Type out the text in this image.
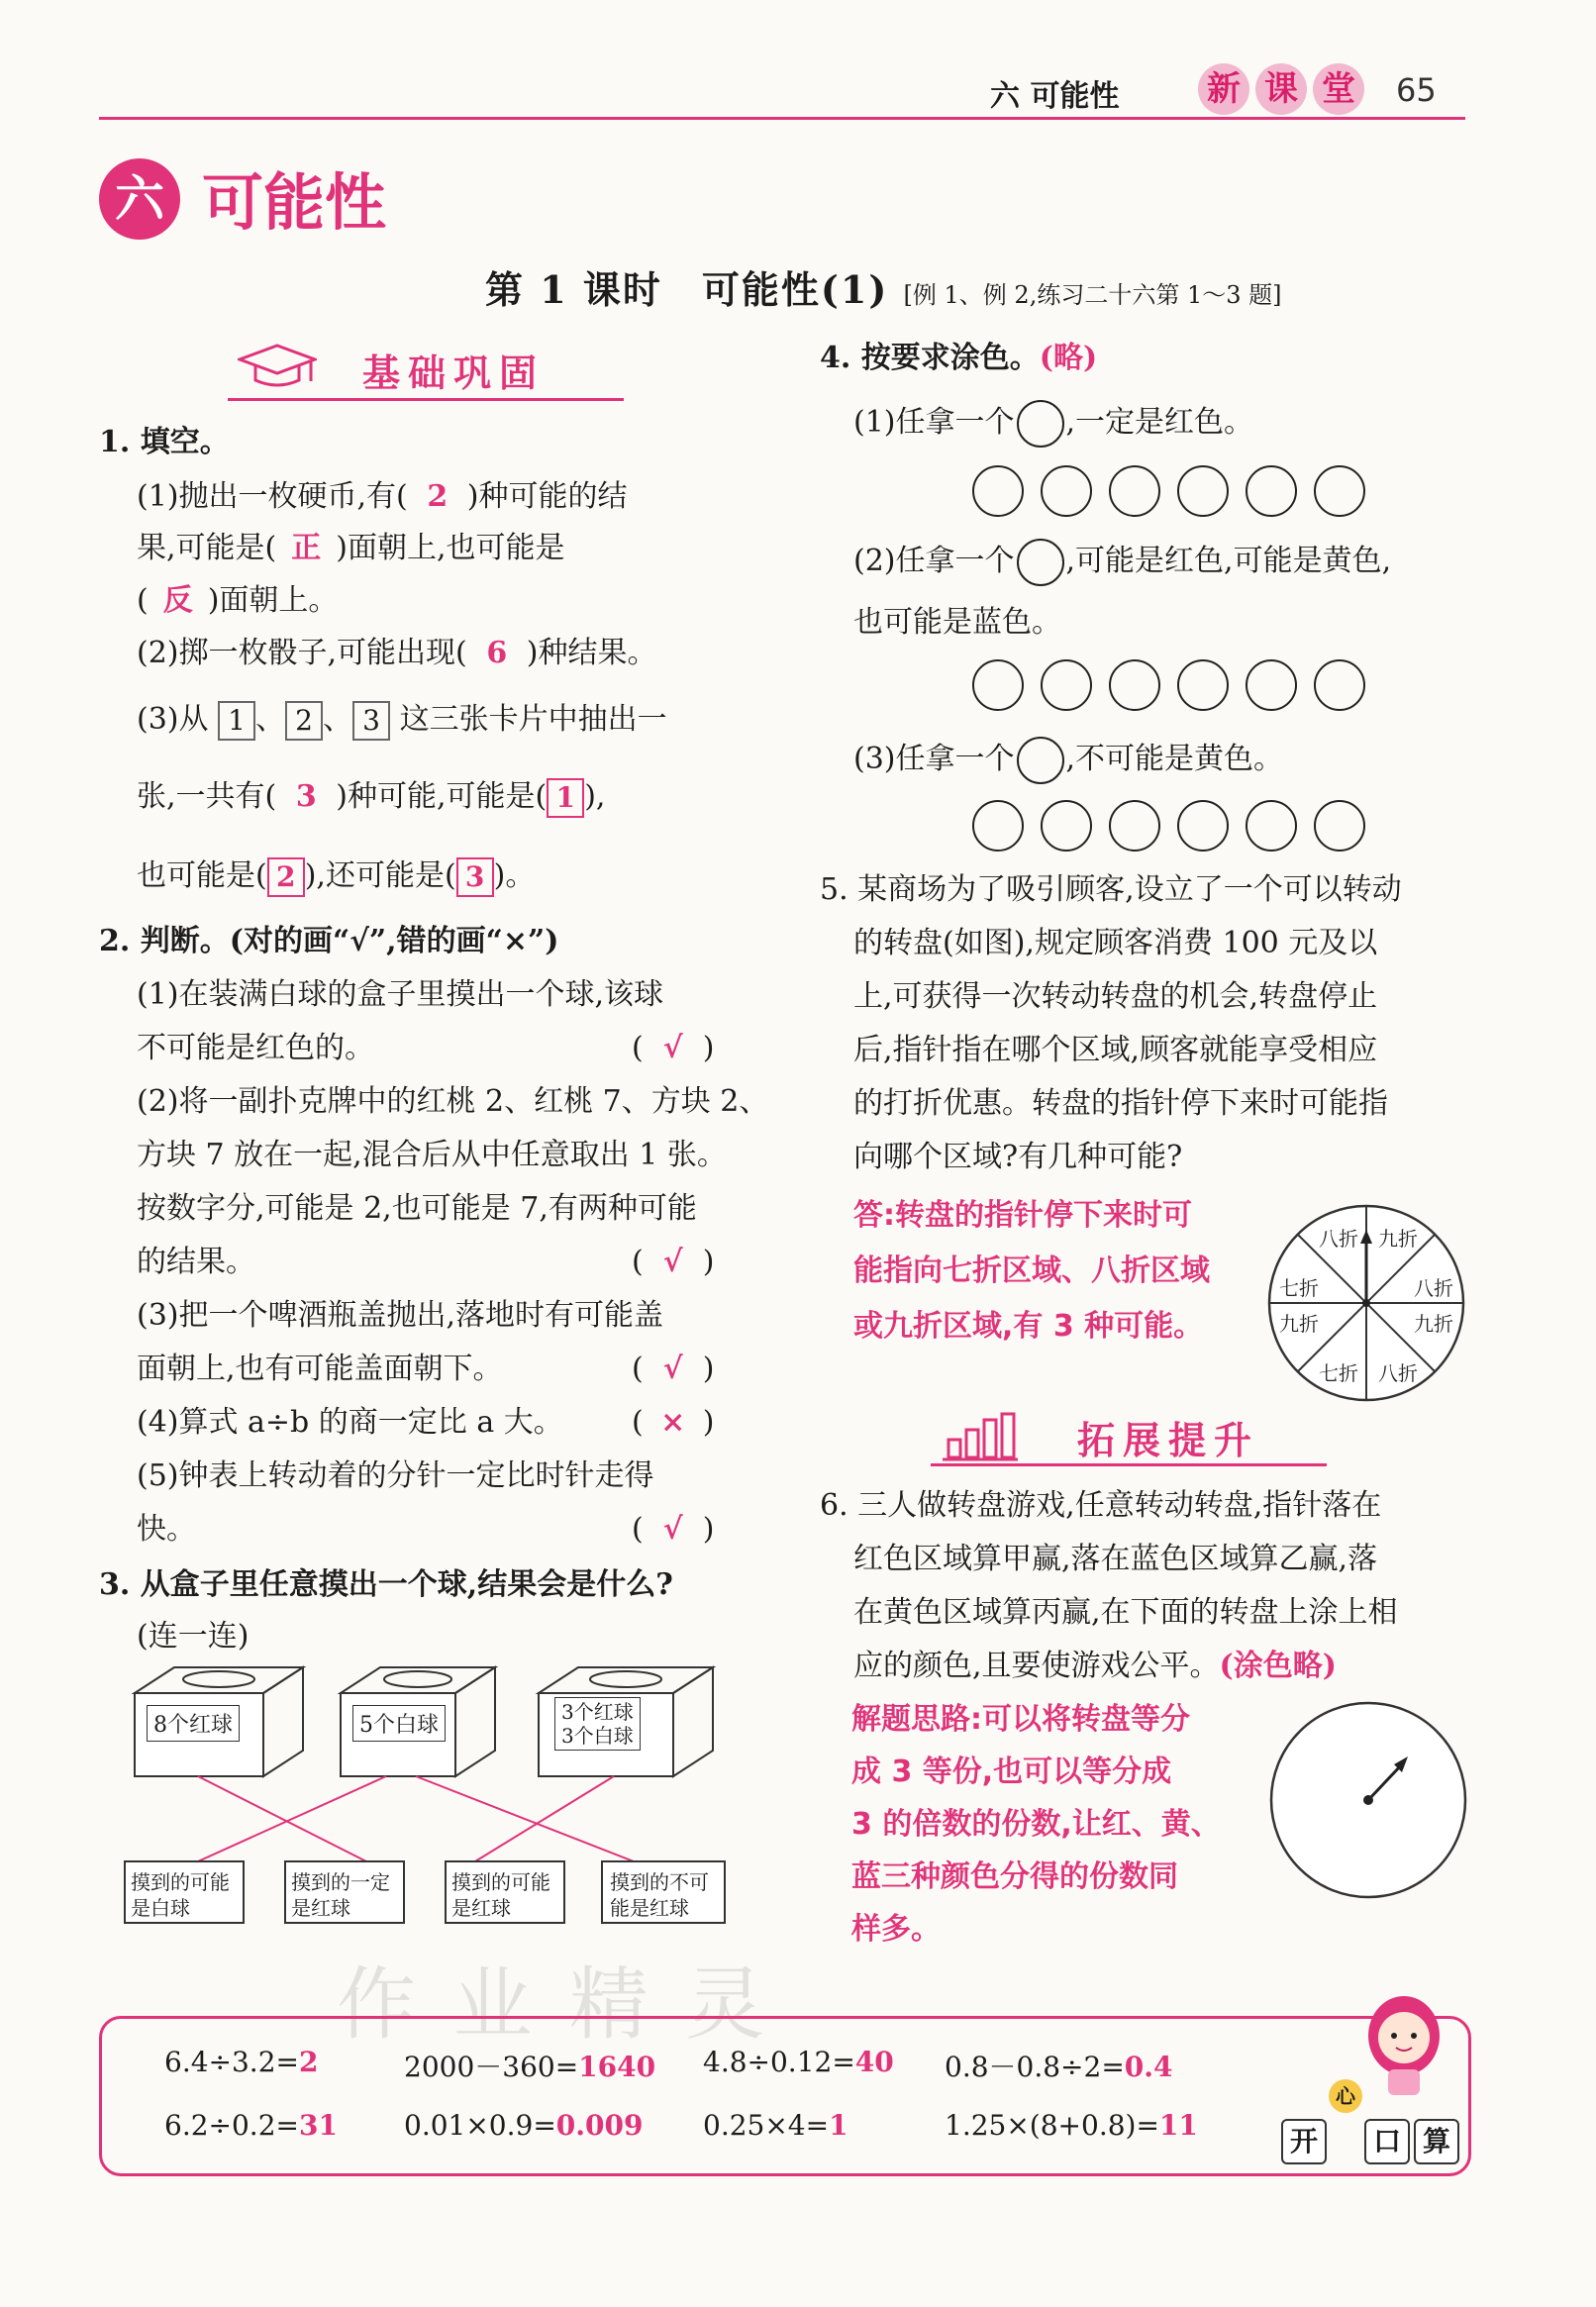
六 可能性	新 课 堂 65
六 可能性
第 1 课时　可能性(1) [例 1、例 2,练习二十六第 1～3 题]
基础巩固
1. 填空。
(1)抛出一枚硬币,有( 2 )种可能的结
果,可能是( 正 )面朝上,也可能是
( 反 )面朝上。
(2)掷一枚骰子,可能出现( 6 )种结果。
(3)从 1 、 2 、 3 这三张卡片中抽出一
张,一共有( 3 )种可能,可能是( 1 ),
也可能是( 2 ),还可能是( 3 )。
2. 判断。(对的画“√”,错的画“×”)
(1)在装满白球的盒子里摸出一个球,该球
不可能是红色的。	( √ )
(2)将一副扑克牌中的红桃 2、红桃 7、方块 2、
方块 7 放在一起,混合后从中任意取出 1 张。
按数字分,可能是 2,也可能是 7,有两种可能
的结果。	( √ )
(3)把一个啤酒瓶盖抛出,落地时有可能盖
面朝上,也有可能盖面朝下。	( √ )
(4)算式 a÷b 的商一定比 a 大。 ( × )
(5)钟表上转动着的分针一定比时针走得
快。	( √ )
3. 从盒子里任意摸出一个球,结果会是什么?
(连一连)
8个红球	5个白球
3个红球
3个白球
摸到的可能
是白球
摸到的一定
是红球
摸到的可能
是红球
摸到的不可
能是红球
4. 按要求涂色。(略)
(1)任拿一个 ,一定是红色。
(2)任拿一个 ,可能是红色,可能是黄色,
也可能是蓝色。
(3)任拿一个 ,不可能是黄色。
5. 某商场为了吸引顾客,设立了一个可以转动
的转盘(如图),规定顾客消费 100 元及以
上,可获得一次转动转盘的机会,转盘停止
后,指针指在哪个区域,顾客就能享受相应
的打折优惠。转盘的指针停下来时可能指
向哪个区域?有几种可能?
答:转盘的指针停下来时可
能指向七折区域、八折区域
或九折区域,有 3 种可能。
八折 九折
八折
九折
八折
七折
九折
七折
拓展提升
6. 三人做转盘游戏,任意转动转盘,指针落在
红色区域算甲赢,落在蓝色区域算乙赢,落
在黄色区域算丙赢,在下面的转盘上涂上相
应的颜色,且要使游戏公平。(涂色略)
解题思路:可以将转盘等分
成 3 等份,也可以等分成
3 的倍数的份数,让红、黄、
蓝三种颜色分得的份数同
样多。
作 业 精 灵
6.4÷3.2=2	2000－360=1640 4.8÷0.12=40 0.8－0.8÷2=0.4
6.2÷0.2=31 0.01×0.9=0.009 0.25×4=1	1.25×(8+0.8)=11	开
心
口 算
